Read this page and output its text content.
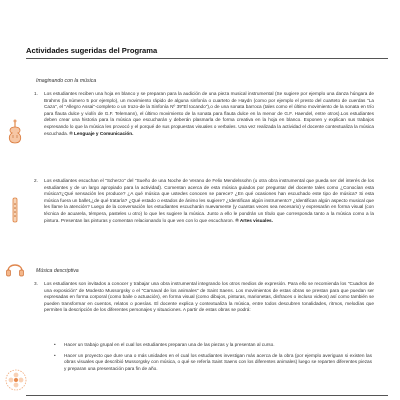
Actividades sugeridas del Programa
Imaginando con la música
1. Los estudiantes reciben una hoja en blanco y se preparan para la audición de una pieza musical instrumental (Se sugiere por ejemplo una danza húngara de Brahms (la número 5 por ejemplo), un movimiento rápido de alguna sinfonía o cuarteto de Haydn (como por ejemplo el presto del cuarteto de cuerdas "La Caza", el "Allegro Assai"-completo o un trozo-de la Sinfonía Nº 39"El tocando"),o de una sonata barroca (tales como el último movimiento de la sonata en trío para flauta dulce y violín de G.F. Telemann), el último movimiento de la sonata para flauta dulce en la menor de G.F. Haendel, entre otros).Los estudiantes deben crear una historia para la música que escucharán y deberán plasmarla de forma creativa en la hoja en blanco. Exponen y explican sus trabajos expresando lo que la música les provocó y el porqué de sus propuestas visuales o verbales. Una vez realizada la actividad el docente contextualiza la música escuchada. ® Lenguaje y Comunicación.
2. Los estudiantes escuchan el "Scherzo" del "Sueño de una Noche de Verano de Felix Mendelssohn (u otra obra instrumental que pueda ser del interés de los estudiantes y de un largo apropiado para la actividad). Comentan acerca de esta música guiados por preguntar del docente tales como ¿Conocían esta música?¿Qué sensación les produce? ¿A qué música que ustedes conocen se parece? ¿En qué ocasiones han escuchado este tipo de música? Si esta música fuera un ballet,¿de qué trataría? ¿Qué estado o estados de ánimo les sugiere? ¿Identifican algún instrumento? ¿Identifican algún aspecto musical que les llame la atención? Luego de la conversación los estudiantes escucharán nuevamente (y cuantas veces sea necesario) y expresarán en forma visual (con técnica de acuarela, témpera, pasteles u otro) lo que les sugiere la música. Junto a ello le pondrán un título que corresponda tanto a la música como a la pintura. Presentan las pinturas y comentan relacionando lo que ven con lo que escucharon. ® Artes visuales.
Música descriptiva
3. Los estudiantes son invitados a conocer y trabajar una obra instrumental integrando los otros medios de expresión. Para ello se recomienda los "Cuadros de una exposición" de Modesto Mussorgsky o el "Carnaval de los animales" de Saint Saens. Los movimientos de estas obras se prestan para que puedan ser expresadas en forma corporal (como baile o actuación), en forma visual (como dibujos, pinturas, marionetas, disfraces o incluso videos) así como también se pueden transformar en cuentos, relatos o poesías. El docente explica y contextualiza la música, entre todos descubren tonalidades, ritmos, melodías que permiten la descripción de los diferentes personajes y situaciones. A partir de estas obras se podrá:

• Hacer un trabajo grupal en el cual los estudiantes preparan una de las piezas y la presentan al curso.

• Hacer un proyecto que dure una o más unidades en el cual los estudiantes investigan más acerca de la obra (por ejemplo averiguan si existen las obras visuales que describió Mussorgsky con música, o qué se refería Saint Saens con los diferentes animales) luego se reparten diferentes piezas y preparan una presentación para fin de año.
